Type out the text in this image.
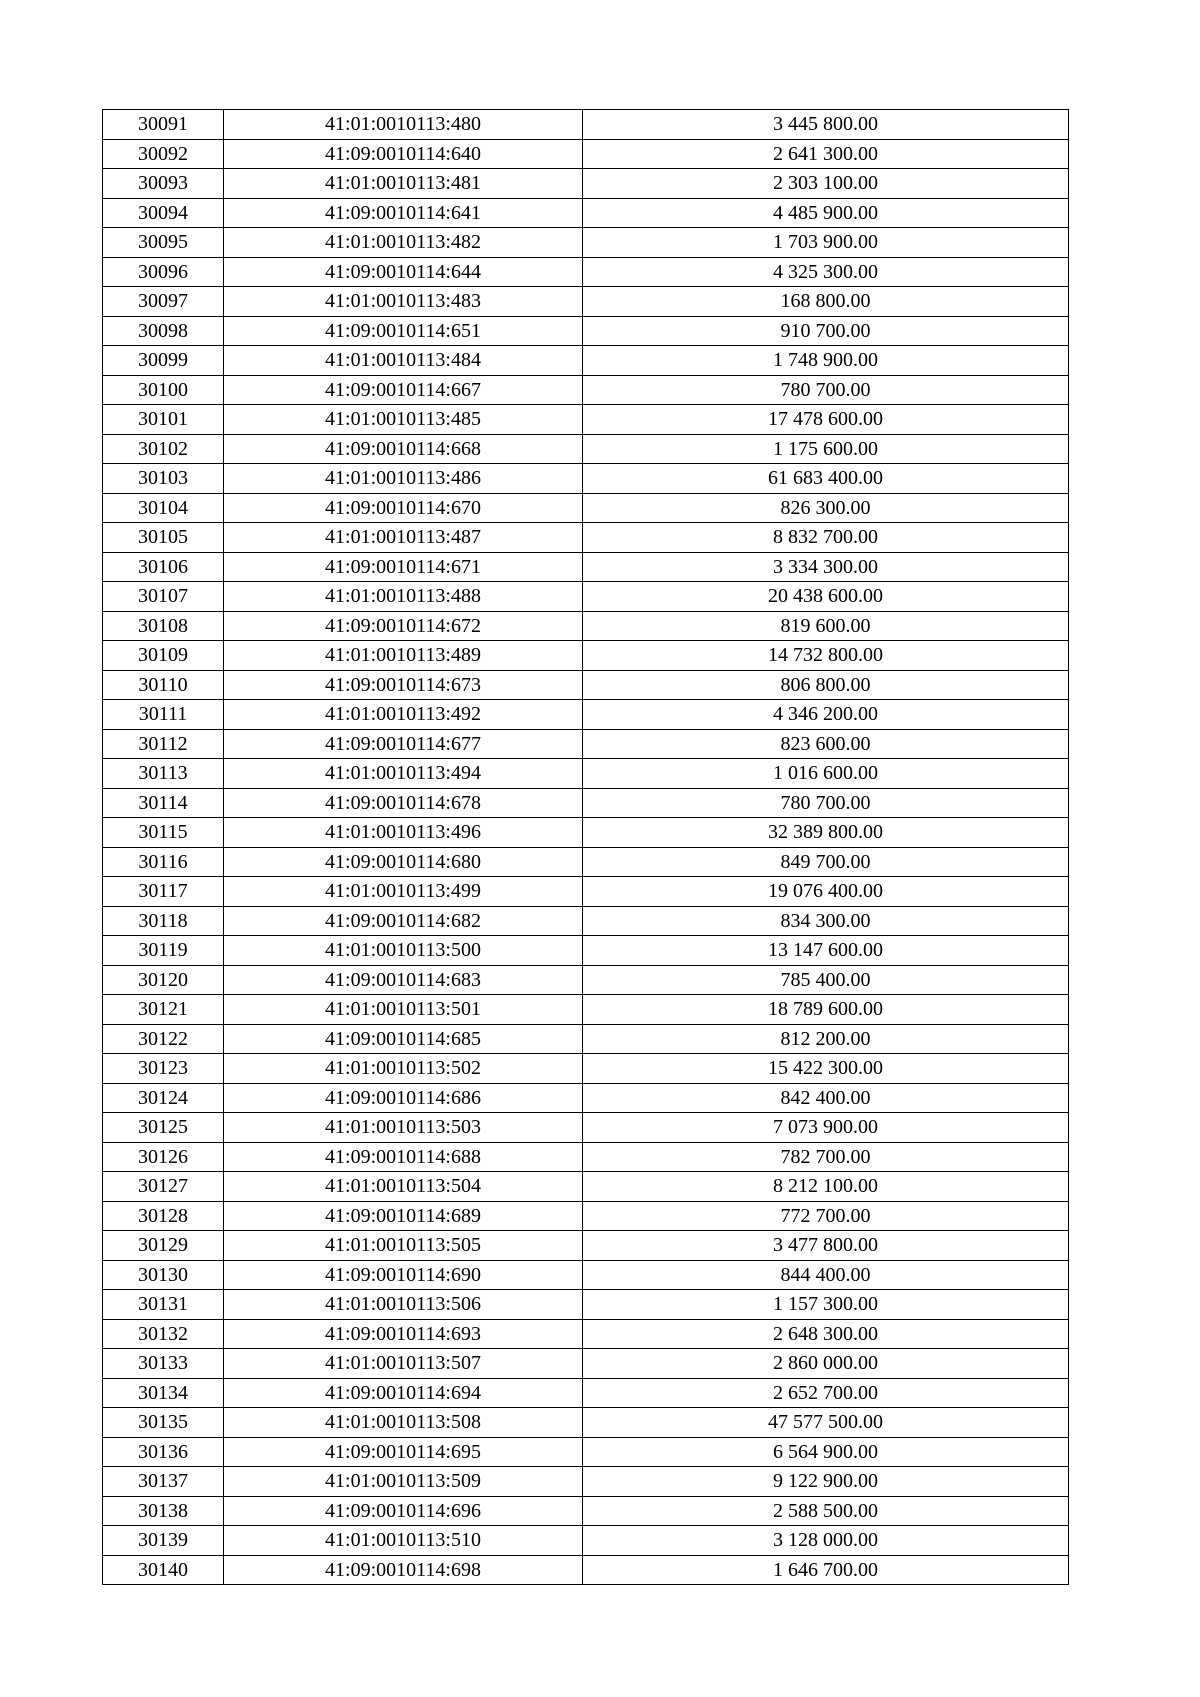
30091	41:01:0010113:480	3 445 800.00
30092	41:09:0010114:640	2 641 300.00
30093	41:01:0010113:481	2 303 100.00
30094	41:09:0010114:641	4 485 900.00
30095	41:01:0010113:482	1 703 900.00
30096	41:09:0010114:644	4 325 300.00
30097	41:01:0010113:483	168 800.00
30098	41:09:0010114:651	910 700.00
30099	41:01:0010113:484	1 748 900.00
30100	41:09:0010114:667	780 700.00
30101	41:01:0010113:485	17 478 600.00
30102	41:09:0010114:668	1 175 600.00
30103	41:01:0010113:486	61 683 400.00
30104	41:09:0010114:670	826 300.00
30105	41:01:0010113:487	8 832 700.00
30106	41:09:0010114:671	3 334 300.00
30107	41:01:0010113:488	20 438 600.00
30108	41:09:0010114:672	819 600.00
30109	41:01:0010113:489	14 732 800.00
30110	41:09:0010114:673	806 800.00
30111	41:01:0010113:492	4 346 200.00
30112	41:09:0010114:677	823 600.00
30113	41:01:0010113:494	1 016 600.00
30114	41:09:0010114:678	780 700.00
30115	41:01:0010113:496	32 389 800.00
30116	41:09:0010114:680	849 700.00
30117	41:01:0010113:499	19 076 400.00
30118	41:09:0010114:682	834 300.00
30119	41:01:0010113:500	13 147 600.00
30120	41:09:0010114:683	785 400.00
30121	41:01:0010113:501	18 789 600.00
30122	41:09:0010114:685	812 200.00
30123	41:01:0010113:502	15 422 300.00
30124	41:09:0010114:686	842 400.00
30125	41:01:0010113:503	7 073 900.00
30126	41:09:0010114:688	782 700.00
30127	41:01:0010113:504	8 212 100.00
30128	41:09:0010114:689	772 700.00
30129	41:01:0010113:505	3 477 800.00
30130	41:09:0010114:690	844 400.00
30131	41:01:0010113:506	1 157 300.00
30132	41:09:0010114:693	2 648 300.00
30133	41:01:0010113:507	2 860 000.00
30134	41:09:0010114:694	2 652 700.00
30135	41:01:0010113:508	47 577 500.00
30136	41:09:0010114:695	6 564 900.00
30137	41:01:0010113:509	9 122 900.00
30138	41:09:0010114:696	2 588 500.00
30139	41:01:0010113:510	3 128 000.00
30140	41:09:0010114:698	1 646 700.00
